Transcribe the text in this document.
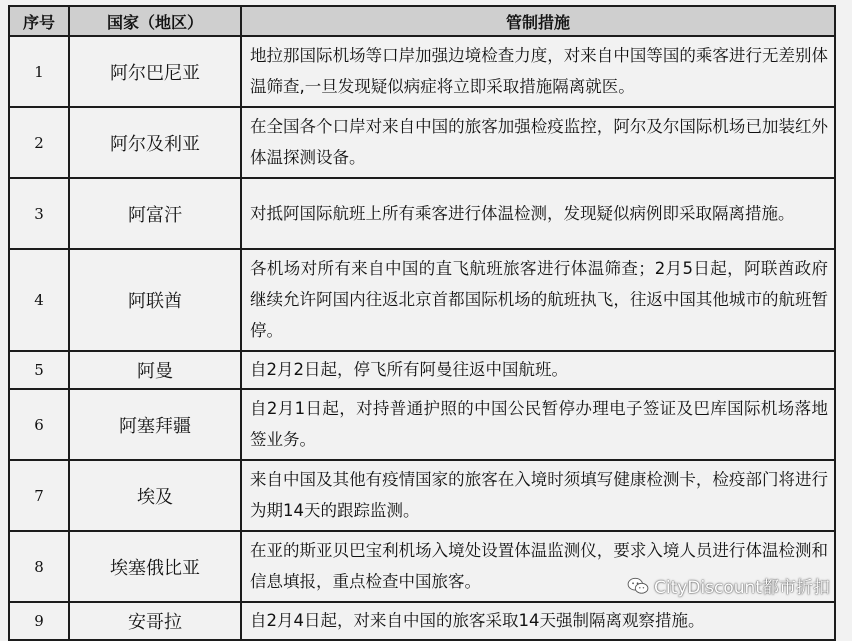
序号	国家（地区）	管制措施
1	阿尔巴尼亚	地拉那国际机场等口岸加强边境检查力度，对来自中国等国的乘客进行无差别体温筛查,一旦发现疑似病症将立即采取措施隔离就医。
2	阿尔及利亚	在全国各个口岸对来自中国的旅客加强检疫监控，阿尔及尔国际机场已加装红外体温探测设备。
3	阿富汗	对抵阿国际航班上所有乘客进行体温检测，发现疑似病例即采取隔离措施。
4	阿联酋	各机场对所有来自中国的直飞航班旅客进行体温筛查；2月5日起，阿联酋政府继续允许阿国内往返北京首都国际机场的航班执飞，往返中国其他城市的航班暂停。
5	阿曼	自2月2日起，停飞所有阿曼往返中国航班。
6	阿塞拜疆	自2月1日起，对持普通护照的中国公民暂停办理电子签证及巴库国际机场落地签业务。
7	埃及	来自中国及其他有疫情国家的旅客在入境时须填写健康检测卡，检疫部门将进行为期14天的跟踪监测。
8	埃塞俄比亚	在亚的斯亚贝巴宝利机场入境处设置体温监测仪，要求入境人员进行体温检测和信息填报，重点检查中国旅客。
9	安哥拉	自2月4日起，对来自中国的旅客采取14天强制隔离观察措施。
CityDiscount都市折扣
